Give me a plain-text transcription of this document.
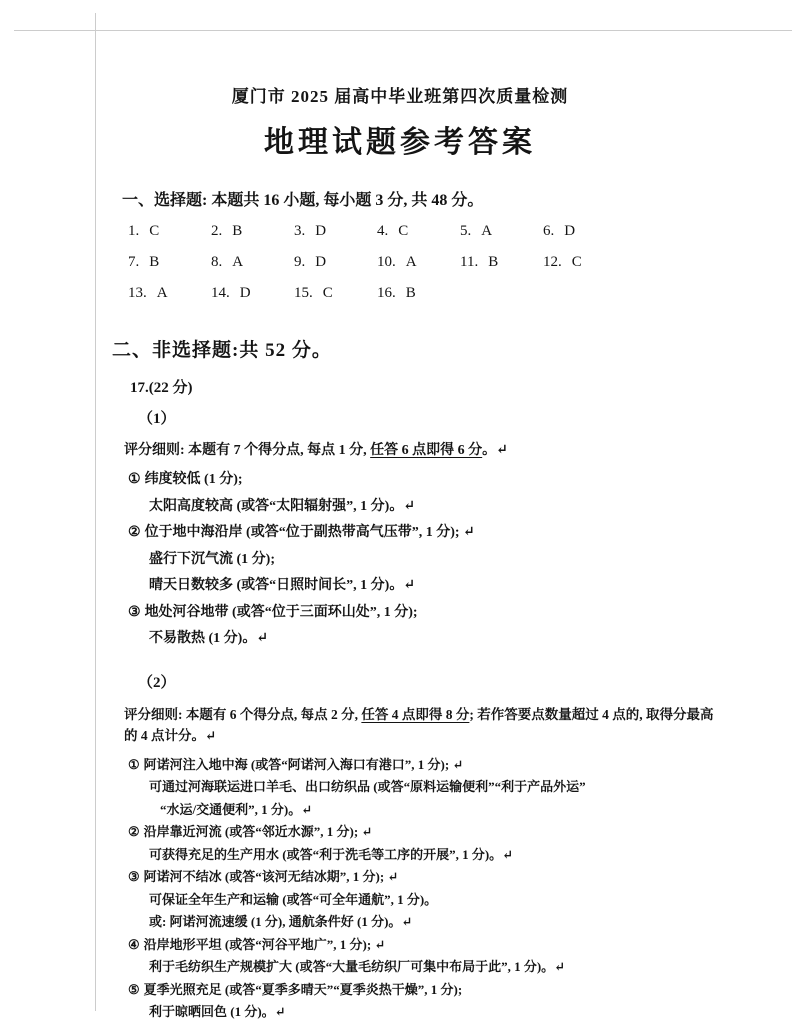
厦门市 2025 届高中毕业班第四次质量检测
地理试题参考答案
一、选择题: 本题共 16 小题, 每小题 3 分, 共 48 分。
1. C	2. B	3. D	4. C	5. A	6. D
7. B	8. A	9. D	10. A	11. B	12. C
13. A	14. D	15. C	16. B
二、非选择题:共 52 分。
17.(22 分)
（1）
评分细则: 本题有 7 个得分点, 每点 1 分, 任答 6 点即得 6 分。↵
① 纬度较低 (1 分);
太阳高度较高 (或答“太阳辐射强”, 1 分)。↵
② 位于地中海沿岸 (或答“位于副热带高气压带”, 1 分); ↵
盛行下沉气流 (1 分);
晴天日数较多 (或答“日照时间长”, 1 分)。↵
③ 地处河谷地带 (或答“位于三面环山处”, 1 分);
不易散热 (1 分)。↵
（2）
评分细则: 本题有 6 个得分点, 每点 2 分, 任答 4 点即得 8 分; 若作答要点数量超过 4 点的, 取得分最高的 4 点计分。↵
① 阿诺河注入地中海 (或答“阿诺河入海口有港口”, 1 分); ↵
可通过河海联运进口羊毛、出口纺织品 (或答“原料运输便利”“利于产品外运”
“水运/交通便利”, 1 分)。↵
② 沿岸靠近河流 (或答“邻近水源”, 1 分); ↵
可获得充足的生产用水 (或答“利于洗毛等工序的开展”, 1 分)。↵
③ 阿诺河不结冰 (或答“该河无结冰期”, 1 分); ↵
可保证全年生产和运输 (或答“可全年通航”, 1 分)。
或: 阿诺河流速缓 (1 分), 通航条件好 (1 分)。↵
④ 沿岸地形平坦 (或答“河谷平地广”, 1 分); ↵
利于毛纺织生产规模扩大 (或答“大量毛纺织厂可集中布局于此”, 1 分)。↵
⑤ 夏季光照充足 (或答“夏季多晴天”“夏季炎热干燥”, 1 分);
利于晾晒回色 (1 分)。↵
